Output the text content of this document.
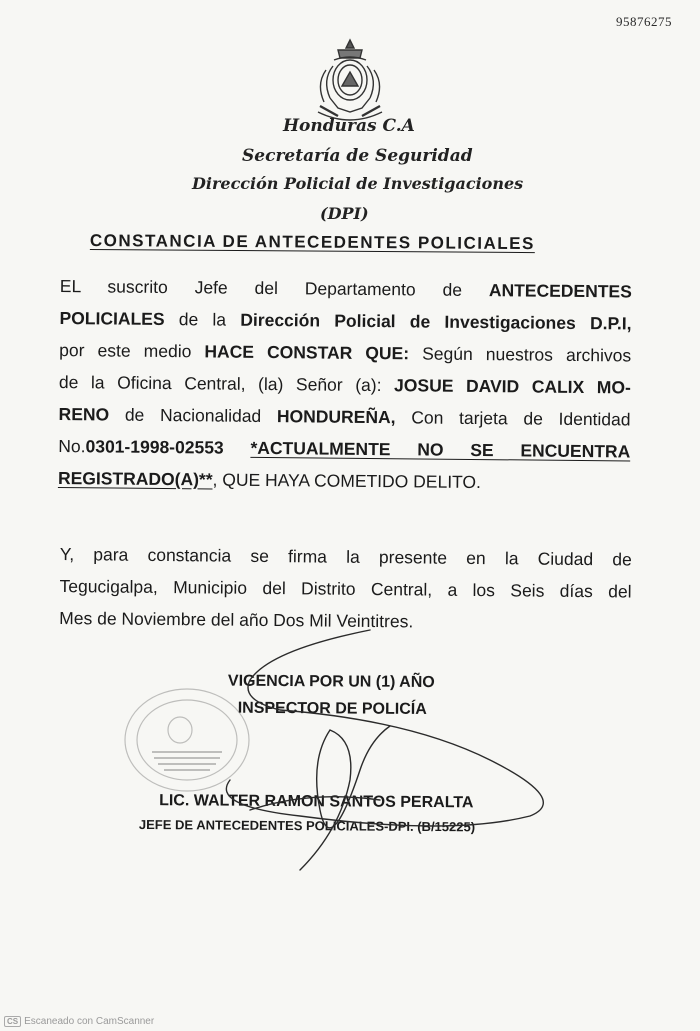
95876275
Honduras C.A
Secretaría de Seguridad
Dirección Policial de Investigaciones
(DPI)
CONSTANCIA DE ANTECEDENTES POLICIALES
EL suscrito Jefe del Departamento de ANTECEDENTES
POLICIALES de la Dirección Policial de Investigaciones D.P.I,
por este medio HACE CONSTAR QUE: Según nuestros archivos
de la Oficina Central, (la) Señor (a): JOSUE DAVID CALIX MO-
RENO de Nacionalidad HONDUREÑA, Con tarjeta de Identidad
No.0301-1998-02553 *ACTUALMENTE NO SE ENCUENTRA
REGISTRADO(A)**, QUE HAYA COMETIDO DELITO.
Y, para constancia se firma la presente en la Ciudad de
Tegucigalpa, Municipio del Distrito Central, a los Seis días del
Mes de Noviembre del año Dos Mil Veintitres.
VIGENCIA POR UN (1) AÑO
INSPECTOR DE POLICÍA
LIC. WALTER RAMON SANTOS PERALTA
JEFE DE ANTECEDENTES POLICIALES-DPI. (B/15225)
CS Escaneado con CamScanner
